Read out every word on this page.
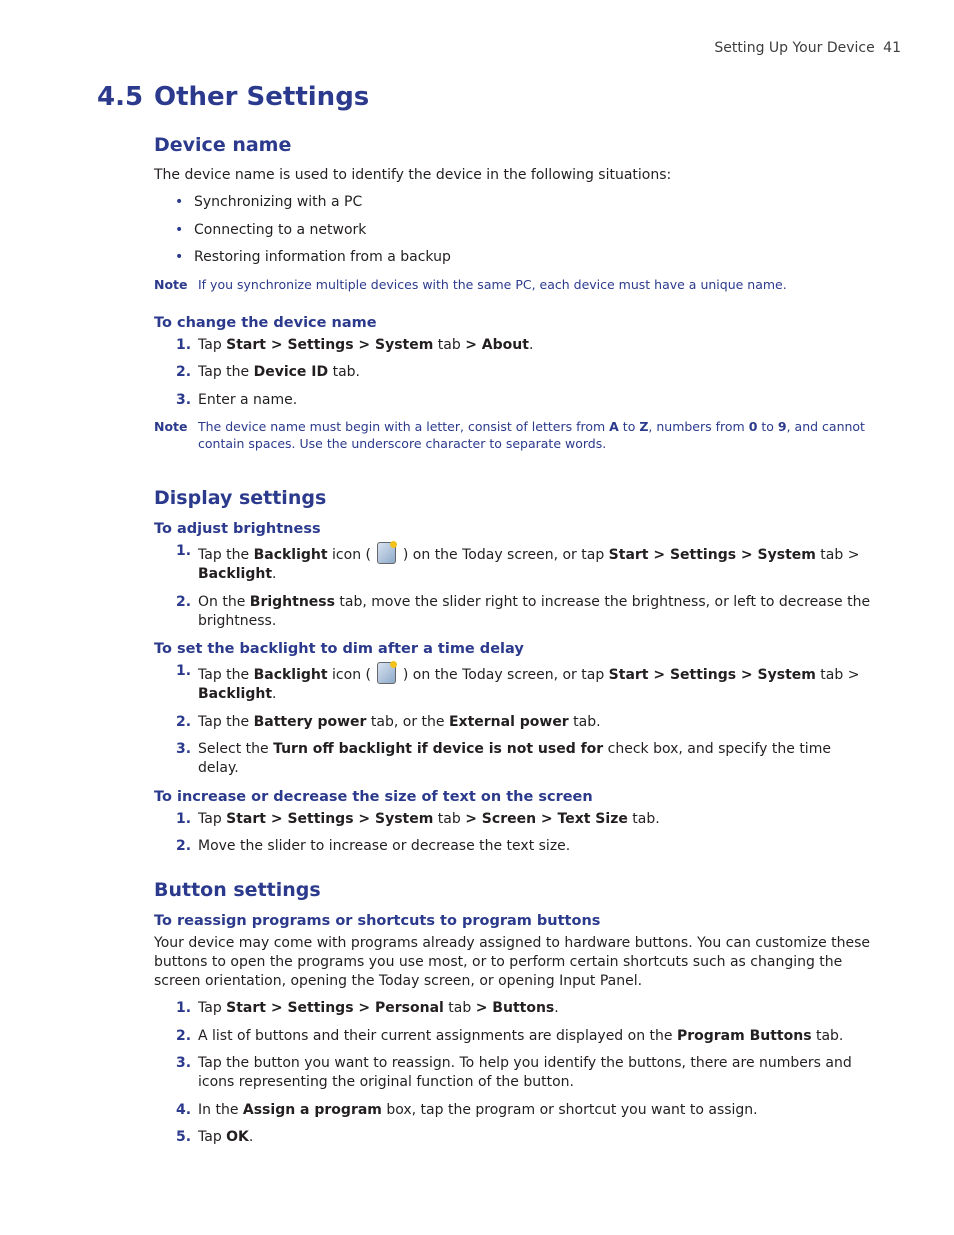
Setting Up Your Device 41
4.5 Other Settings
Device name

The device name is used to identify the device in the following situations:

• Synchronizing with a PC
• Connecting to a network
• Restoring information from a backup
Note If you synchronize multiple devices with the same PC, each device must have a unique name.
To change the device name
1. Tap Start > Settings > System tab > About.
2. Tap the Device ID tab.
3. Enter a name.
Note The device name must begin with a letter, consist of letters from A to Z, numbers from 0 to 9, and cannot contain spaces. Use the underscore character to separate words.
Display settings
To adjust brightness
1. Tap the Backlight icon (  ) on the Today screen, or tap Start > Settings > System tab > Backlight.
2. On the Brightness tab, move the slider right to increase the brightness, or left to decrease the brightness.
To set the backlight to dim after a time delay
1. Tap the Backlight icon (  ) on the Today screen, or tap Start > Settings > System tab > Backlight.
2. Tap the Battery power tab, or the External power tab.
3. Select the Turn off backlight if device is not used for check box, and specify the time delay.
To increase or decrease the size of text on the screen
1. Tap Start > Settings > System tab > Screen > Text Size tab.
2. Move the slider to increase or decrease the text size.
Button settings
To reassign programs or shortcuts to program buttons

Your device may come with programs already assigned to hardware buttons. You can customize these buttons to open the programs you use most, or to perform certain shortcuts such as changing the screen orientation, opening the Today screen, or opening Input Panel.

1. Tap Start > Settings > Personal tab > Buttons.
2. A list of buttons and their current assignments are displayed on the Program Buttons tab.
3. Tap the button you want to reassign. To help you identify the buttons, there are numbers and icons representing the original function of the button.
4. In the Assign a program box, tap the program or shortcut you want to assign.
5. Tap OK.
